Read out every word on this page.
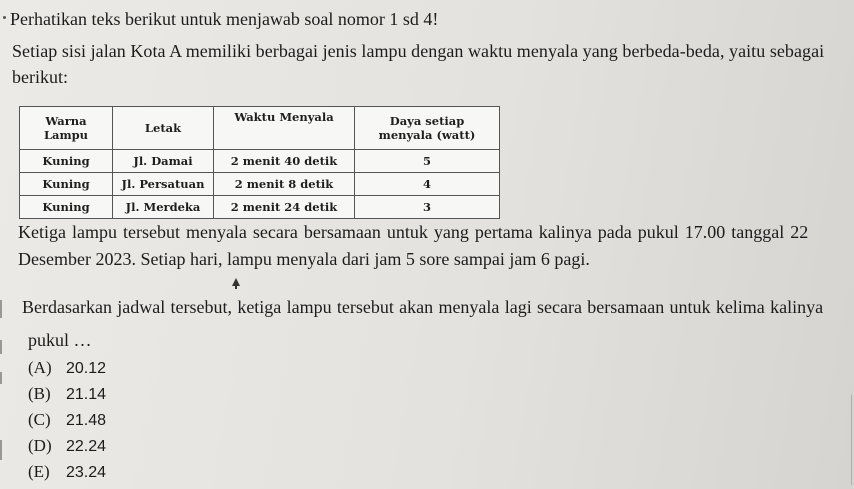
Perhatikan teks berikut untuk menjawab soal nomor 1 sd 4!
Setiap sisi jalan Kota A memiliki berbagai jenis lampu dengan waktu menyala yang berbeda-beda, yaitu sebagai
berikut:
Warna Lampu	Letak	Waktu Menyala	Daya setiap menyala (watt)
Kuning	Jl. Damai	2 menit 40 detik	5
Kuning	Jl. Persatuan	2 menit 8 detik	4
Kuning	Jl. Merdeka	2 menit 24 detik	3
Ketiga lampu tersebut menyala secara bersamaan untuk yang pertama kalinya pada pukul 17.00 tanggal 22
Desember 2023. Setiap hari, lampu menyala dari jam 5 sore sampai jam 6 pagi.
Berdasarkan jadwal tersebut, ketiga lampu tersebut akan menyala lagi secara bersamaan untuk kelima kalinya
pukul …
(A) 20.12
(B) 21.14
(C) 21.48
(D) 22.24
(E) 23.24
